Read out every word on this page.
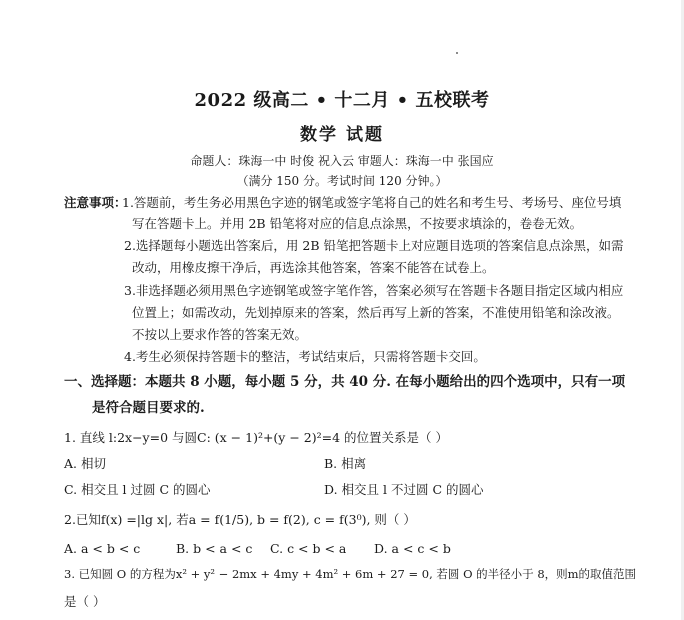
2022 级高二 • 十二月 • 五校联考
数学 试题
命题人：珠海一中 时俊 祝入云 审题人：珠海一中 张国应
（满分 150 分。考试时间 120 分钟。）
注意事项：
1.答题前，考生务必用黑色字迹的钢笔或签字笔将自己的姓名和考生号、考场号、座位号填
写在答题卡上。并用 2B 铅笔将对应的信息点涂黑，不按要求填涂的，卷卷无效。
2.选择题每小题选出答案后，用 2B 铅笔把答题卡上对应题目选项的答案信息点涂黑，如需
改动，用橡皮擦干净后，再选涂其他答案，答案不能答在试卷上。
3.非选择题必须用黑色字迹钢笔或签字笔作答，答案必须写在答题卡各题目指定区域内相应
位置上；如需改动，先划掉原来的答案，然后再写上新的答案，不准使用铅笔和涂改液。
不按以上要求作答的答案无效。
4.考生必须保持答题卡的整洁，考试结束后，只需将答题卡交回。
一、选择题：本题共 8 小题，每小题 5 分，共 40 分. 在每小题给出的四个选项中，只有一项
是符合题目要求的.
1. 直线 l:2x−y=0 与圆C: (x − 1)²+(y − 2)²=4 的位置关系是（ ）
A. 相切	B. 相离
C. 相交且 l 过圆 C 的圆心	D. 相交且 l 不过圆 C 的圆心
2.已知f(x) =|lg x|, 若a = f(1/5), b = f(2), c = f(3⁰), 则（ ）
A. a < b < c	B. b < a < c C. c < b < a D. a < c < b
3. 已知圆 O 的方程为x² + y² − 2mx + 4my + 4m² + 6m + 27 = 0, 若圆 O 的半径小于 8，则m的取值范围
是（ ）
